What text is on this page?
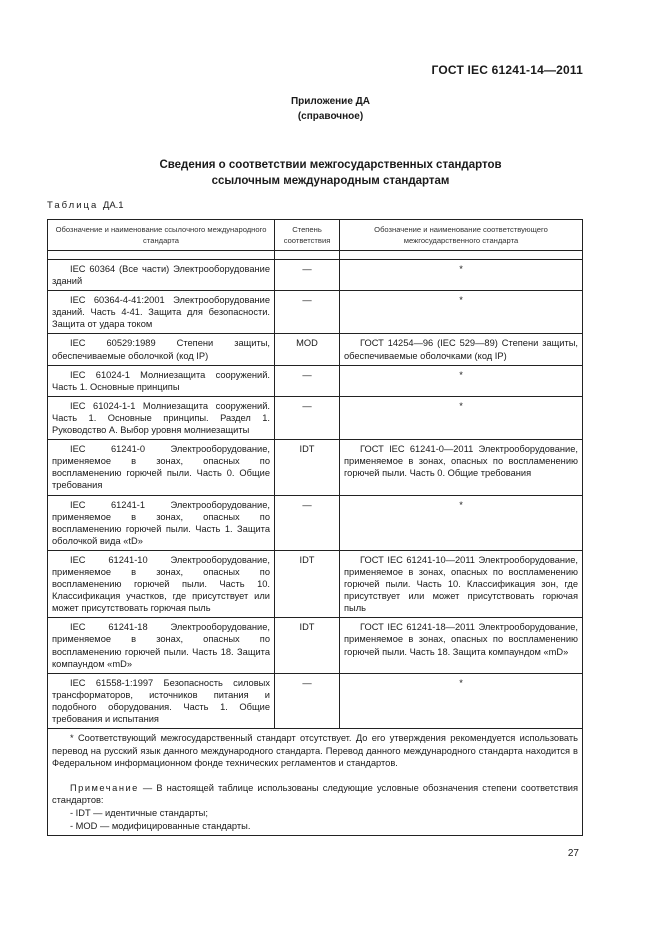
ГОСТ IEC 61241-14—2011
Приложение ДА
(справочное)
Сведения о соответствии межгосударственных стандартов
ссылочным международным стандартам
Таблица ДА.1
Обозначение и наименование ссылочного международного стандарта	Степень соответствия	Обозначение и наименование соответствующего межгосударственного стандарта

IEC 60364 (Все части) Электрооборудование зданий	—	*
IEC 60364-4-41:2001 Электрооборудование зданий. Часть 4-41. Защита для безопасности. Защита от удара током	—	*
IEC 60529:1989 Степени защиты, обеспечиваемые оболочкой (код IP)	MOD	ГОСТ 14254—96 (IEC 529—89) Степени защиты, обеспечиваемые оболочками (код IP)
IEC 61024-1 Молниезащита сооружений. Часть 1. Основные принципы	—	*
IEC 61024-1-1 Молниезащита сооружений. Часть 1. Основные принципы. Раздел 1. Руководство А. Выбор уровня молниезащиты	—	*
IEC 61241-0 Электрооборудование, применяемое в зонах, опасных по воспламенению горючей пыли. Часть 0. Общие требования	IDT	ГОСТ IEC 61241-0—2011 Электрооборудование, применяемое в зонах, опасных по воспламенению горючей пыли. Часть 0. Общие требования
IEC 61241-1 Электрооборудование, применяемое в зонах, опасных по воспламенению горючей пыли. Часть 1. Защита оболочкой вида «tD»	—	*
IEC 61241-10 Электрооборудование, применяемое в зонах, опасных по воспламенению горючей пыли. Часть 10. Классификация участков, где присутствует или может присутствовать горючая пыль	IDT	ГОСТ IEC 61241-10—2011 Электрооборудование, применяемое в зонах, опасных по воспламенению горючей пыли. Часть 10. Классификация зон, где присутствует или может присутствовать горючая пыль
IEC 61241-18 Электрооборудование, применяемое в зонах, опасных по воспламенению горючей пыли. Часть 18. Защита компаундом «mD»	IDT	ГОСТ IEC 61241-18—2011 Электрооборудование, применяемое в зонах, опасных по воспламенению горючей пыли. Часть 18. Защита компаундом «mD»
IEC 61558-1:1997 Безопасность силовых трансформаторов, источников питания и подобного оборудования. Часть 1. Общие требования и испытания	—	*

* Соответствующий межгосударственный стандарт отсутствует. До его утверждения рекомендуется использовать перевод на русский язык данного международного стандарта. Перевод данного международного стандарта находится в Федеральном информационном фонде технических регламентов и стандартов.

Примечание — В настоящей таблице использованы следующие условные обозначения степени соответствия стандартов:

- IDT — идентичные стандарты;

- MOD — модифицированные стандарты.		

27
